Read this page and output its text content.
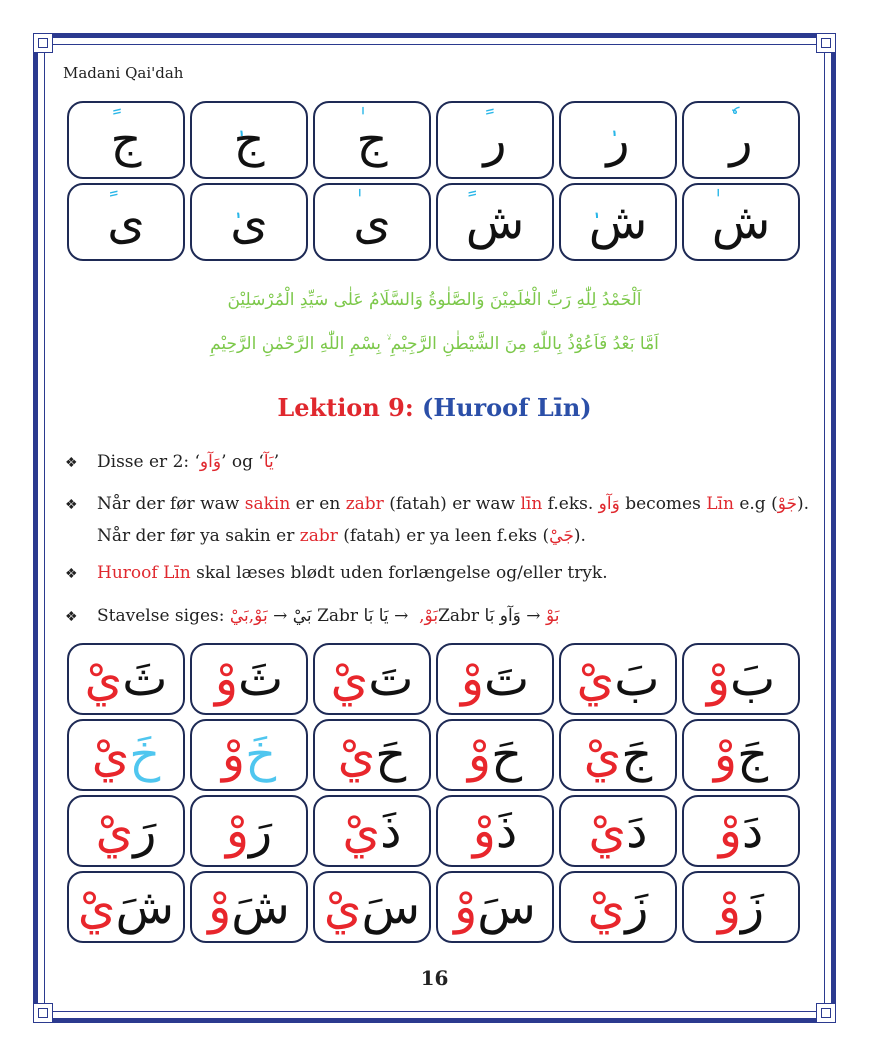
Madani Qai'dah
ر
ر
ر
ج
ج
ج
ش
ش
ش
ى
ى
ى
اَلْحَمْدُ لِلّٰهِ رَبِّ الْعٰلَمِيْنَ وَالصَّلٰوةُ وَالسَّلَامُ عَلٰى سَيِّدِ الْمُرْسَلِيْنَ
اَمَّا بَعْدُ فَاَعُوْذُ بِاللّٰهِ مِنَ الشَّيْطٰنِ الرَّجِيْمِ ۙ بِسْمِ اللّٰهِ الرَّحْمٰنِ الرَّحِيْمِ
Lektion 9: (Huroof Līn)
❖ Disse er 2: ‘وَآو’ og ‘يَآ’
❖ Når der før waw sakin er en zabr (fatah) er waw līn f.eks. وَآو becomes Līn e.g (جَوْ).
Når der før ya sakin er zabr (fatah) er ya leen f.eks (جَيْ).
❖ Huroof Līn skal læses blødt uden forlængelse og/eller tryk.
❖ Stavelse siges: بَوْ,بَيْ → بَيْ Zabr يَا بَا → بَوْ, Zabr وَآو بَا → بَوْ
بَ
وْ
بَ
يْ
تَ
وْ
تَ
يْ
ثَ
وْ
ثَ
يْ
جَ
وْ
جَ
يْ
حَ
وْ
حَ
يْ
خَ
وْ
خَ
يْ
دَ
وْ
دَ
يْ
ذَ
وْ
ذَ
يْ
رَ
وْ
رَ
يْ
زَ
وْ
زَ
يْ
سَ
وْ
سَ
يْ
شَ
وْ
شَ
يْ
16
